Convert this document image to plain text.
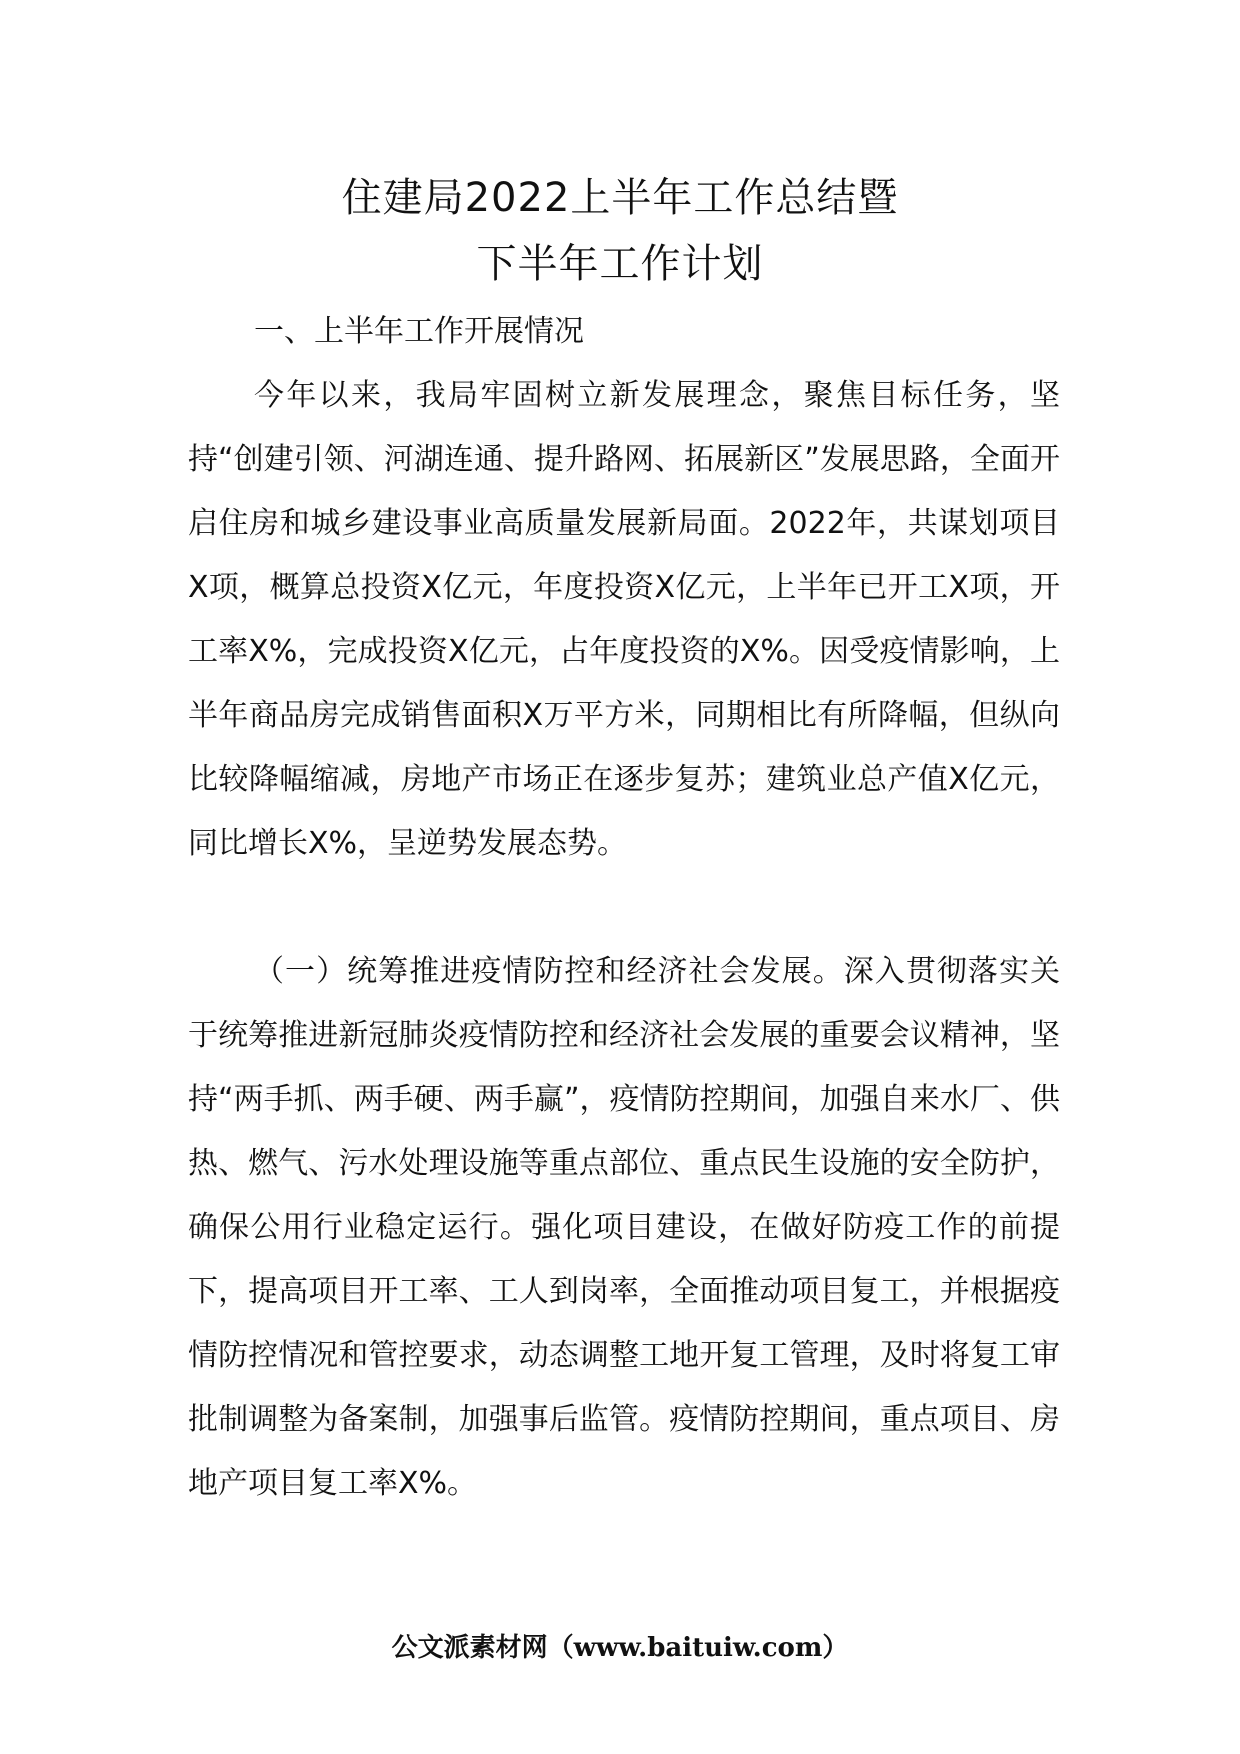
住建局2022上半年工作总结暨
下半年工作计划

一、上半年工作开展情况

今年以来，我局牢固树立新发展理念，聚焦目标任务，坚持“创建引领、河湖连通、提升路网、拓展新区”发展思路，全面开启住房和城乡建设事业高质量发展新局面。2022年，共谋划项目X项，概算总投资X亿元，年度投资X亿元，上半年已开工X项，开工率X%，完成投资X亿元，占年度投资的X%。因受疫情影响，上半年商品房完成销售面积X万平方米，同期相比有所降幅，但纵向比较降幅缩减，房地产市场正在逐步复苏；建筑业总产值X亿元，同比增长X%，呈逆势发展态势。

（一）统筹推进疫情防控和经济社会发展。深入贯彻落实关于统筹推进新冠肺炎疫情防控和经济社会发展的重要会议精神，坚持“两手抓、两手硬、两手赢”，疫情防控期间，加强自来水厂、供热、燃气、污水处理设施等重点部位、重点民生设施的安全防护，确保公用行业稳定运行。强化项目建设，在做好防疫工作的前提下，提高项目开工率、工人到岗率，全面推动项目复工，并根据疫情防控情况和管控要求，动态调整工地开复工管理，及时将复工审批制调整为备案制，加强事后监管。疫情防控期间，重点项目、房地产项目复工率X%。

公文派素材网（www.baituiw.com）
